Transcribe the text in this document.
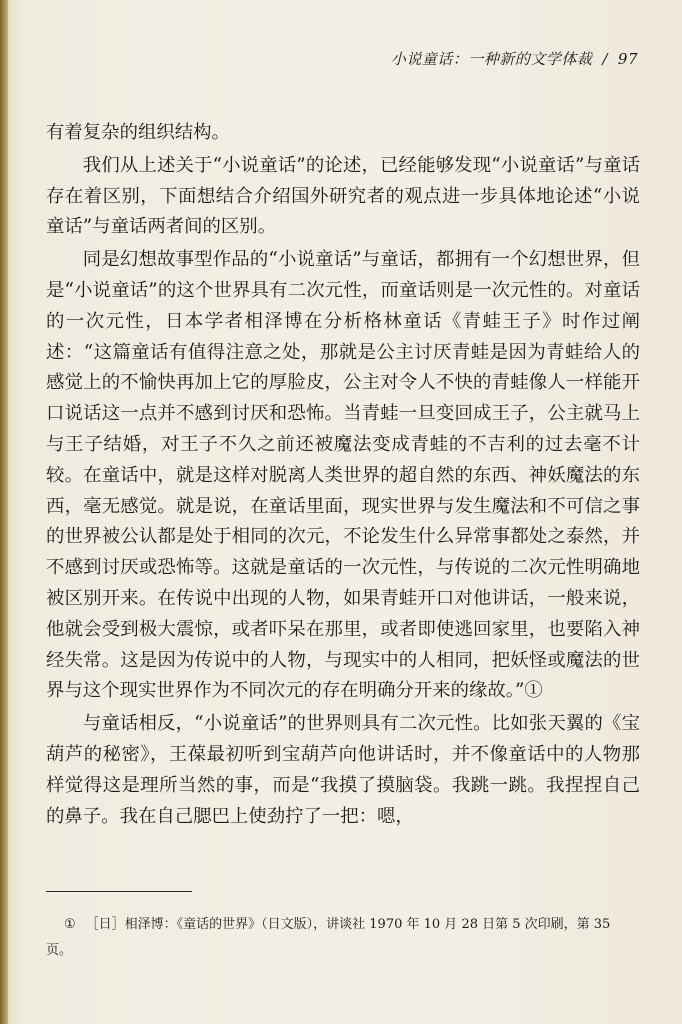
小说童话：一种新的文学体裁 / 97

有着复杂的组织结构。

我们从上述关于“小说童话”的论述，已经能够发现“小说童话”与童话存在着区别，下面想结合介绍国外研究者的观点进一步具体地论述“小说童话”与童话两者间的区别。

同是幻想故事型作品的“小说童话”与童话，都拥有一个幻想世界，但是“小说童话”的这个世界具有二次元性，而童话则是一次元性的。对童话的一次元性，日本学者相泽博在分析格林童话《青蛙王子》时作过阐述：“这篇童话有值得注意之处，那就是公主讨厌青蛙是因为青蛙给人的感觉上的不愉快再加上它的厚脸皮，公主对令人不快的青蛙像人一样能开口说话这一点并不感到讨厌和恐怖。当青蛙一旦变回成王子，公主就马上与王子结婚，对王子不久之前还被魔法变成青蛙的不吉利的过去毫不计较。在童话中，就是这样对脱离人类世界的超自然的东西、神妖魔法的东西，毫无感觉。就是说，在童话里面，现实世界与发生魔法和不可信之事的世界被公认都是处于相同的次元，不论发生什么异常事都处之泰然，并不感到讨厌或恐怖等。这就是童话的一次元性，与传说的二次元性明确地被区别开来。在传说中出现的人物，如果青蛙开口对他讲话，一般来说，他就会受到极大震惊，或者吓呆在那里，或者即使逃回家里，也要陷入神经失常。这是因为传说中的人物，与现实中的人相同，把妖怪或魔法的世界与这个现实世界作为不同次元的存在明确分开来的缘故。”①

与童话相反，“小说童话”的世界则具有二次元性。比如张天翼的《宝葫芦的秘密》，王葆最初听到宝葫芦向他讲话时，并不像童话中的人物那样觉得这是理所当然的事，而是“我摸了摸脑袋。我跳一跳。我捏捏自己的鼻子。我在自己腮巴上使劲拧了一把：嗯，

① ［日］相泽博：《童话的世界》（日文版），讲谈社 1970 年 10 月 28 日第 5 次印刷，第 35 页。
